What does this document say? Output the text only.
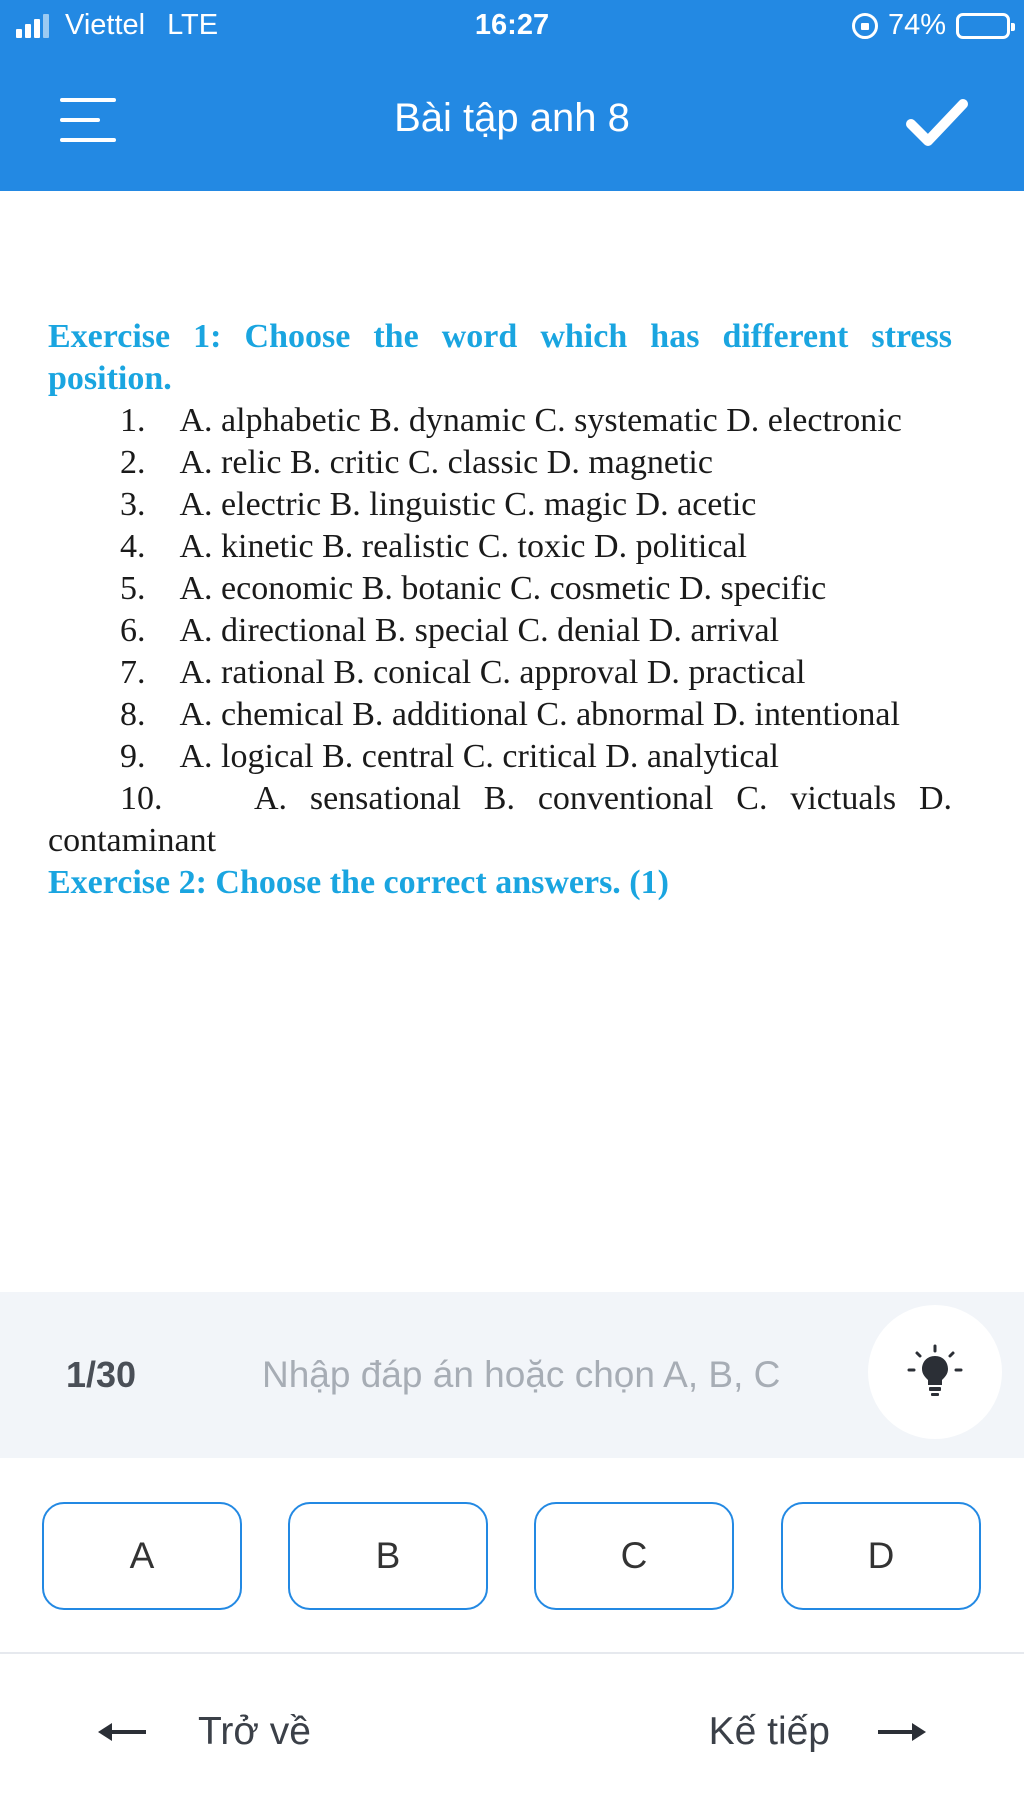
Viettel LTE	16:27	74%
Bài tập anh 8
Exercise 1: Choose the word which has different stress position.
1. A. alphabetic B. dynamic C. systematic D. electronic
2. A. relic B. critic C. classic D. magnetic
3. A. electric B. linguistic C. magic D. acetic
4. A. kinetic B. realistic C. toxic D. political
5. A. economic B. botanic C. cosmetic D. specific
6. A. directional B. special C. denial D. arrival
7. A. rational B. conical C. approval D. practical
8. A. chemical B. additional C. abnormal D. intentional
9. A. logical B. central C. critical D. analytical
10.	A. sensational B. conventional C. victuals D. contaminant
Exercise 2: Choose the correct answers. (1)
1/30
Nhập đáp án hoặc chọn A, B, C
A	B	C	D
Trở về	Kế tiếp
